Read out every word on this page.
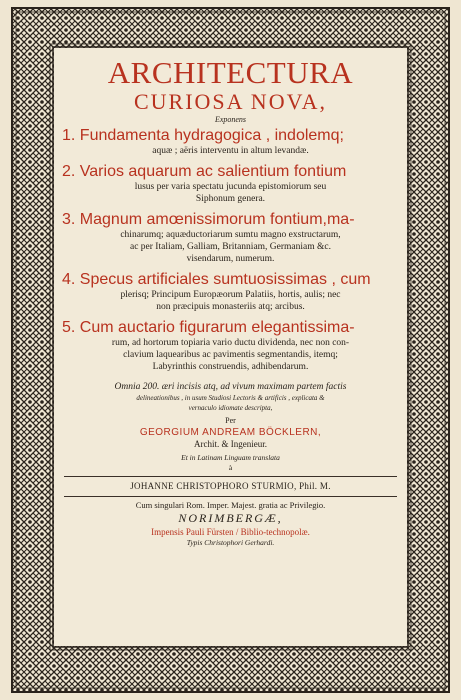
ARCHITECTURA
CURIOSA NOVA,
Exponens
1. Fundamenta hydragogica , indolemq;
aquæ ; aëris interventu in altum levandæ.
2. Varios aquarum ac salientium fontium
lusus per varia spectatu jucunda epistomiorum seu
Siphonum genera.
3. Magnum amœnissimorum fontium,ma-
chinarumq; aquæductoriarum sumtu magno exstructarum,
ac per Italiam, Galliam, Britanniam, Germaniam &c.
visendarum, numerum.
4. Specus artificiales sumtuosissimas , cum
plerisq; Principum Europæorum Palatiis, hortis, aulis; nec
non præcipuis monasteriis atq; arcibus.
5. Cum auctario figurarum elegantissima-
rum, ad hortorum topiaria vario ductu dividenda, nec non con-
clavium laquearibus ac pavimentis segmentandis, itemq;
Labyrinthis construendis, adhibendarum.
Omnia 200. æri incisis atq, ad vivum maximam partem factis
delineationibus , in usum Studiosi Lectoris & artificis , explicata &
vernaculo idiomate descripta,
Per
GEORGIUM ANDREAM BÖCKLERN,
Archit. & Ingenieur.
Et in Latinam Linguam translata
à
JOHANNE CHRISTOPHORO STURMIO, Phil. M.
Cum singulari Rom. Imper. Majest. gratia ac Privilegio.
NORIMBERGÆ,
Impensis Pauli Fürsten / Biblio-technopolæ.
Typis Christophori Gerhardi.
